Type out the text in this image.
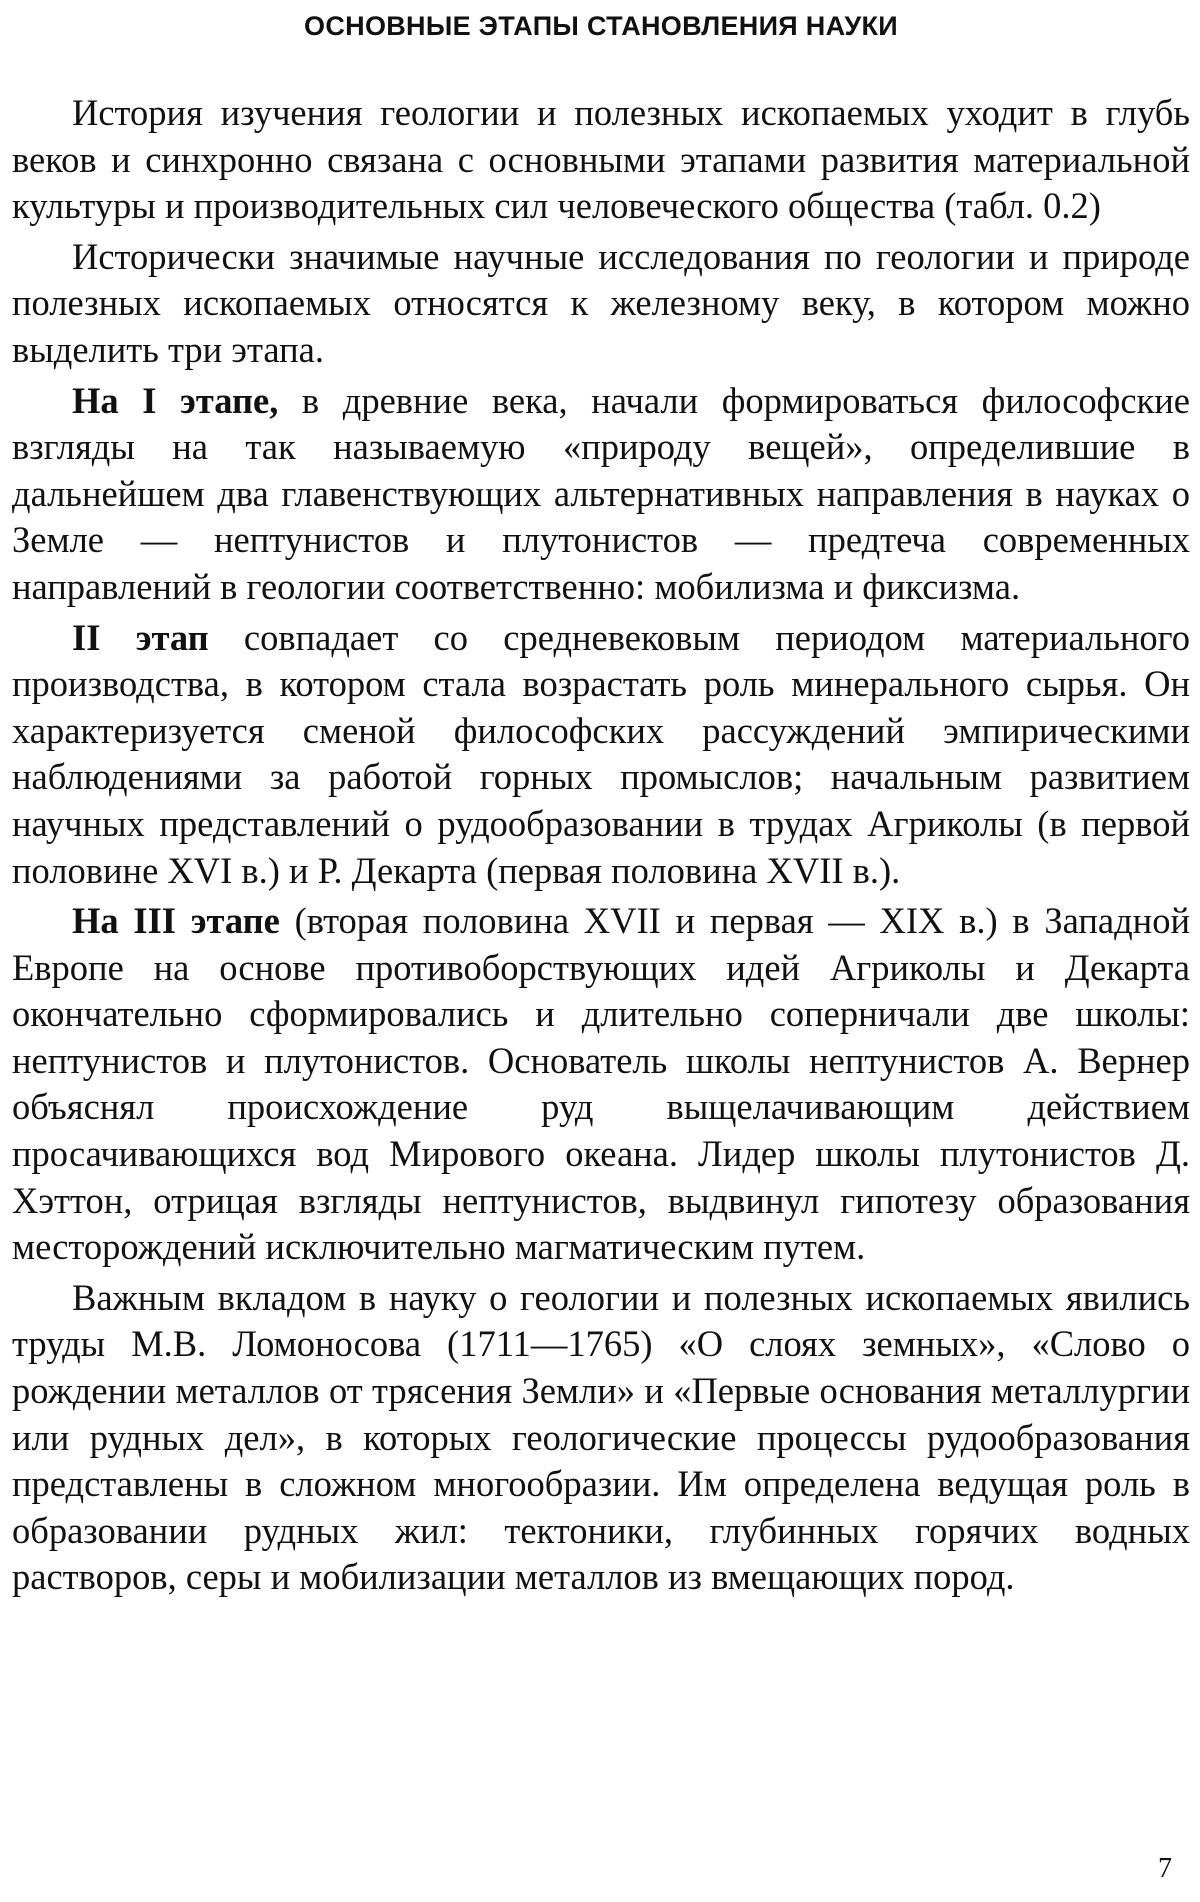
ОСНОВНЫЕ ЭТАПЫ СТАНОВЛЕНИЯ НАУКИ

История изучения геологии и полезных ископаемых уходит в глубь веков и синхронно связана с основными этапами развития материальной культуры и производительных сил человеческого общества (табл. 0.2)

Исторически значимые научные исследования по геологии и природе полезных ископаемых относятся к железному веку, в котором можно выделить три этапа.

На I этапе, в древние века, начали формироваться философские взгляды на так называемую «природу вещей», определившие в дальнейшем два главенствующих альтернативных направления в науках о Земле — нептунистов и плутонистов — предтеча современных направлений в геологии соответственно: мобилизма и фиксизма.

II этап совпадает со средневековым периодом материального производства, в котором стала возрастать роль минерального сырья. Он характеризуется сменой философских рассуждений эмпирическими наблюдениями за работой горных промыслов; начальным развитием научных представлений о рудообразовании в трудах Агриколы (в первой половине XVI в.) и Р. Декарта (первая половина XVII в.).

На III этапе (вторая половина XVII и первая — XIX в.) в Западной Европе на основе противоборствующих идей Агриколы и Декарта окончательно сформировались и длительно соперничали две школы: нептунистов и плутонистов. Основатель школы нептунистов А. Вернер объяснял происхождение руд выщелачивающим действием просачивающихся вод Мирового океана. Лидер школы плутонистов Д. Хэттон, отрицая взгляды нептунистов, выдвинул гипотезу образования месторождений исключительно магматическим путем.

Важным вкладом в науку о геологии и полезных ископаемых явились труды М.В. Ломоносова (1711—1765) «О слоях земных», «Слово о рождении металлов от трясения Земли» и «Первые основания металлургии или рудных дел», в которых геологические процессы рудообразования представлены в сложном многообразии. Им определена ведущая роль в образовании рудных жил: тектоники, глубинных горячих водных растворов, серы и мобилизации металлов из вмещающих пород.

7
